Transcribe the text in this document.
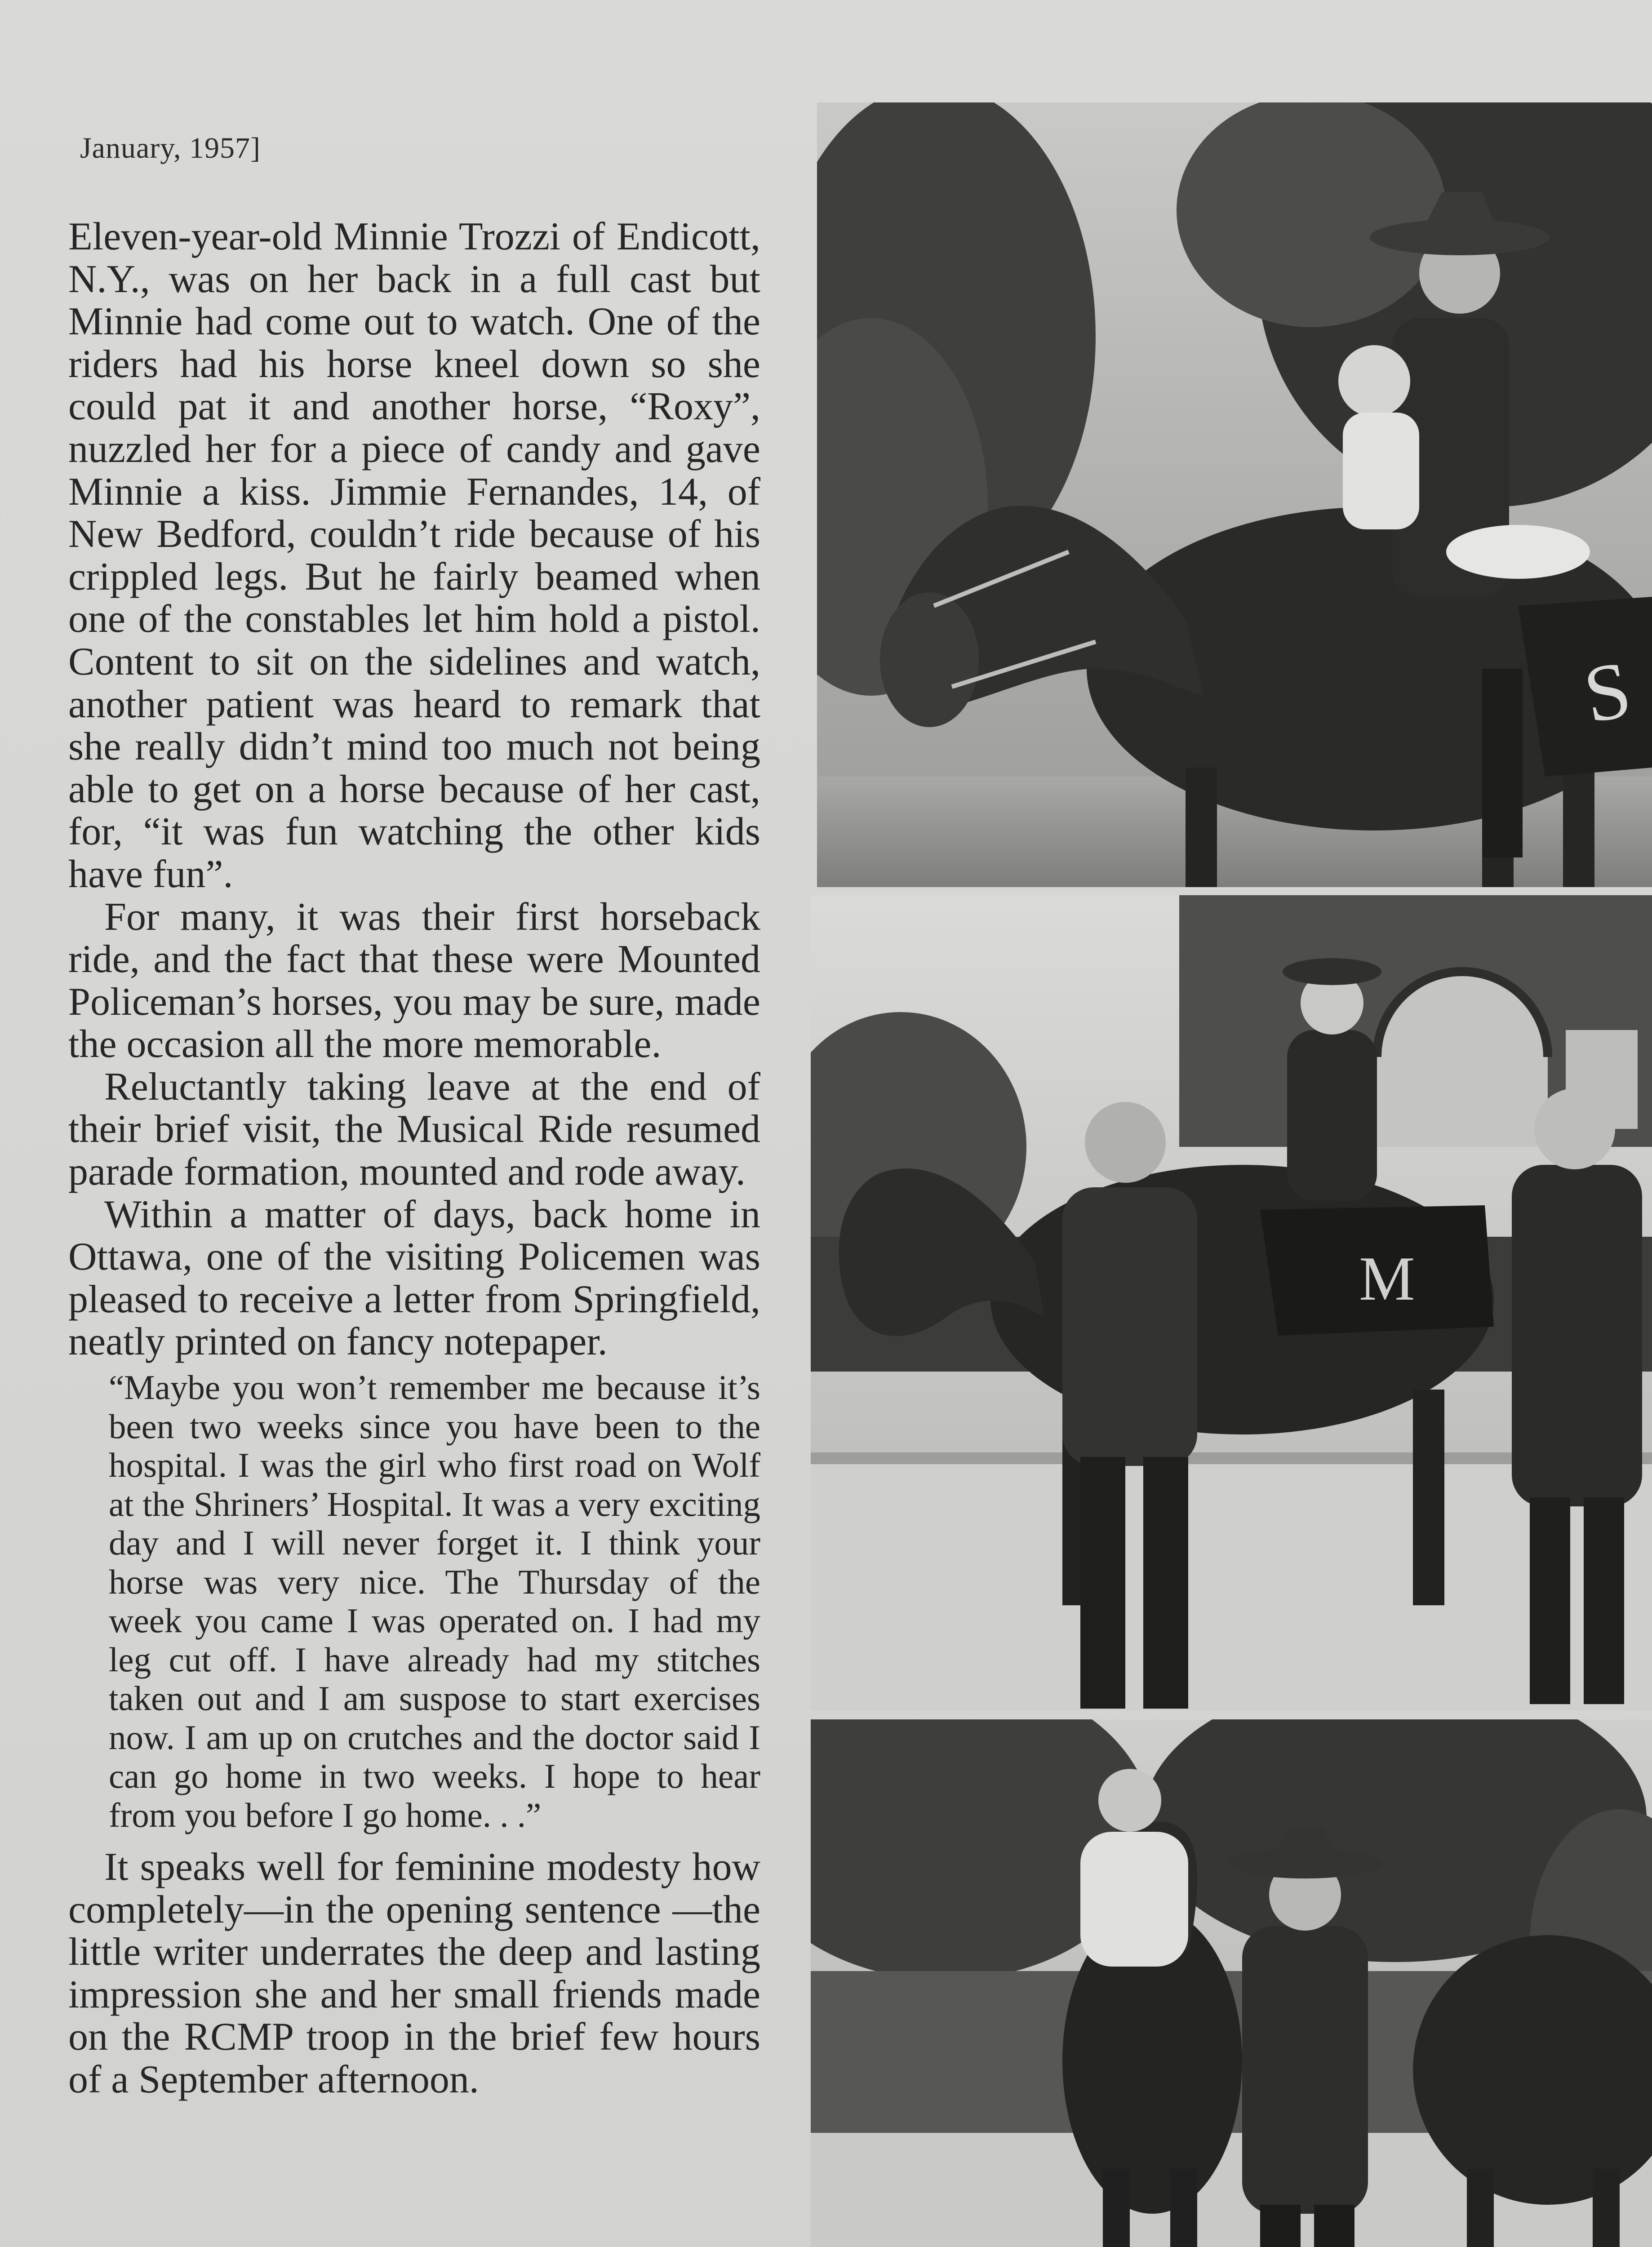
January, 1957]

Eleven-year-old Minnie Trozzi of Endicott, N.Y., was on her back in a full cast but Minnie had come out to watch. One of the riders had his horse kneel down so she could pat it and another horse, “Roxy”, nuzzled her for a piece of candy and gave Minnie a kiss. Jimmie Fernandes, 14, of New Bedford, couldn’t ride because of his crippled legs. But he fairly beamed when one of the constables let him hold a pistol. Content to sit on the sidelines and watch, another patient was heard to remark that she really didn’t mind too much not being able to get on a horse because of her cast, for, “it was fun watching the other kids have fun”.

For many, it was their first horseback ride, and the fact that these were Mounted Policeman’s horses, you may be sure, made the occasion all the more memorable.

Reluctantly taking leave at the end of their brief visit, the Musical Ride resumed parade formation, mounted and rode away.

Within a matter of days, back home in Ottawa, one of the visiting Policemen was pleased to receive a letter from Springfield, neatly printed on fancy notepaper.

“Maybe you won’t remember me because it’s been two weeks since you have been to the hospital. I was the girl who first road on Wolf at the Shriners’ Hospital. It was a very exciting day and I will never forget it. I think your horse was very nice. The Thursday of the week you came I was operated on. I had my leg cut off. I have already had my stitches taken out and I am suspose to start exercises now. I am up on crutches and the doctor said I can go home in two weeks. I hope to hear from you before I go home. . .”

It speaks well for feminine modesty how completely—in the opening sentence —the little writer underrates the deep and lasting impression she and her small friends made on the RCMP troop in the brief few hours of a September afternoon.

S
M
